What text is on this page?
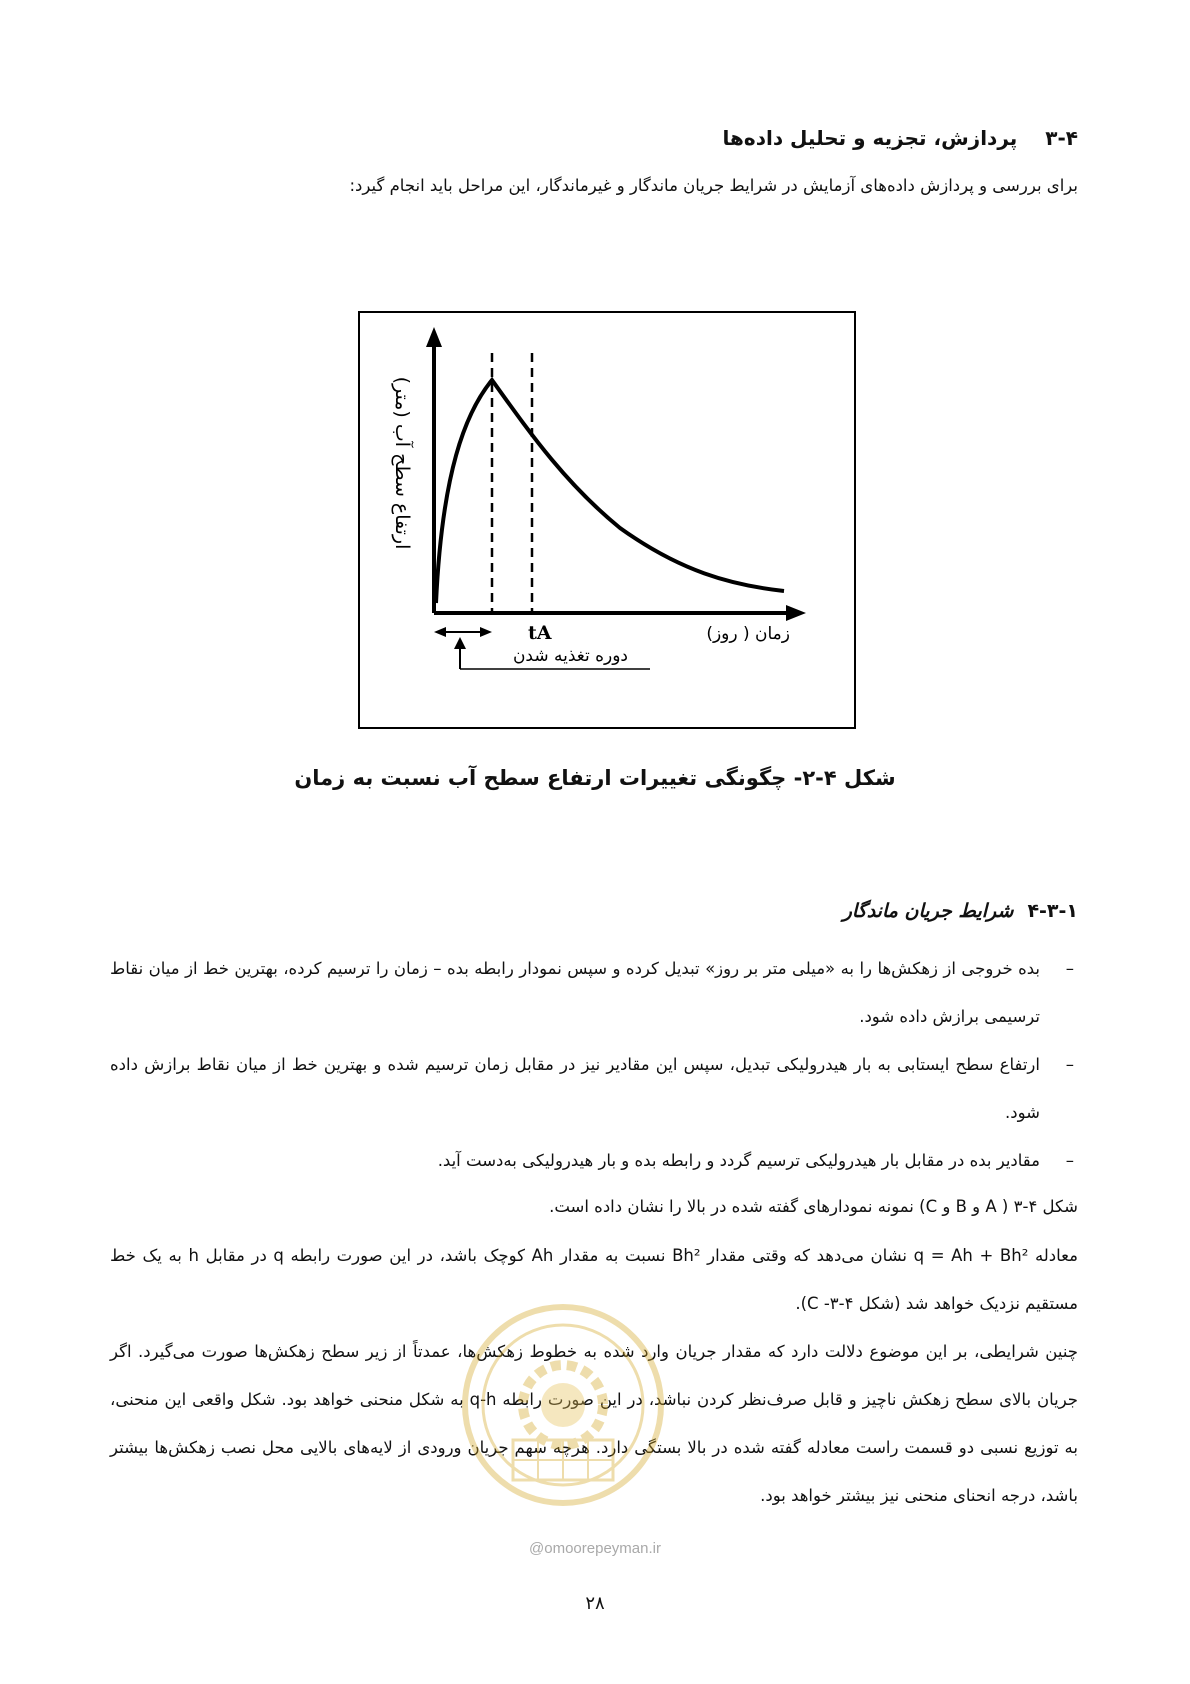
۳-۴پردازش، تجزیه و تحلیل داده‌ها
برای بررسی و پردازش داده‌های آزمایش در شرایط جریان ماندگار و غیرماندگار، این مراحل باید انجام گیرد:
ارتفاع سطح آب (متر)
زمان ( روز)
tA
دوره تغذیه شدن
شکل ۴-۲- چگونگی تغییرات ارتفاع سطح آب نسبت به زمان
۴-۳-۱شرایط جریان ماندگار
–
بده خروجی از زهکش‌ها را به «میلی متر بر روز» تبدیل کرده و سپس نمودار رابطه بده – زمان را ترسیم کرده، بهترین خط از میان نقاط ترسیمی برازش داده شود.
–
ارتفاع سطح ایستابی به بار هیدرولیکی تبدیل، سپس این مقادیر نیز در مقابل زمان ترسیم شده و بهترین خط از میان نقاط برازش داده شود.
–
مقادیر بده در مقابل بار هیدرولیکی ترسیم گردد و رابطه بده و بار هیدرولیکی به‌دست آید.
شکل ۴-۳ ( A و B و C) نمونه نمودارهای گفته شده در بالا را نشان داده است.
معادله q = Ah + Bh² نشان می‌دهد که وقتی مقدار Bh² نسبت به مقدار Ah کوچک باشد، در این صورت رابطه q در مقابل h به یک خط مستقیم نزدیک خواهد شد (شکل ۴-۳- C).
چنین شرایطی، بر این موضوع دلالت دارد که مقدار جریان وارد شده به خطوط زهکش‌ها، عمدتاً از زیر سطح زهکش‌ها صورت می‌گیرد. اگر جریان بالای سطح زهکش ناچیز و قابل صرف‌نظر کردن نباشد، در این صورت رابطه q-h به شکل منحنی خواهد بود. شکل واقعی این منحنی، به توزیع نسبی دو قسمت راست معادله گفته شده در بالا بستگی دارد. هرچه سهم جریان ورودی از لایه‌های بالایی محل نصب زهکش‌ها بیشتر باشد، درجه انحنای منحنی نیز بیشتر خواهد بود.
@omoorepeyman.ir
۲۸
